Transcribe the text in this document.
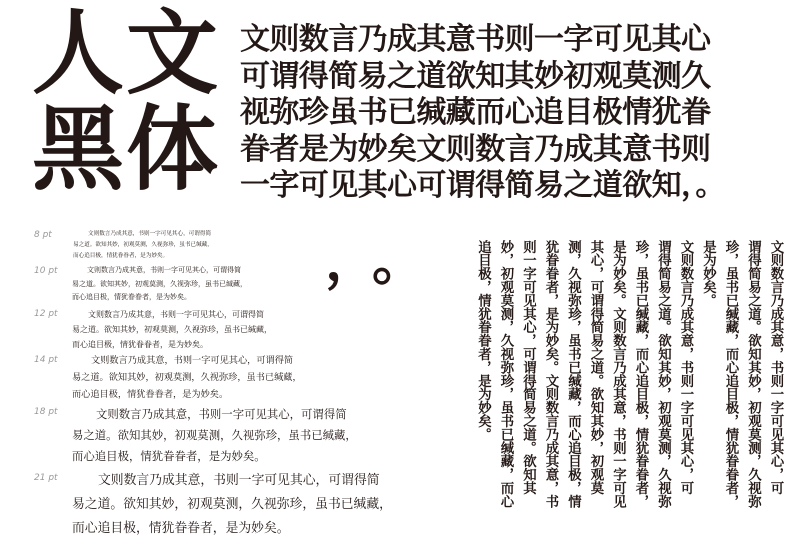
人文
黑体
文则数言乃成其意书则一字可见其心
可谓得简易之道欲知其妙初观莫测久
视弥珍虽书已缄藏而心追目极情犹眷
眷者是为妙矣文则数言乃成其意书则
一字可见其心可谓得简易之道欲知，。
，。
8 pt	文则数言乃成其意，书则一字可见其心，可谓得简
易之道。欲知其妙，初观莫测，久视弥珍，虽书已缄藏，
而心追目极，情犹眷眷者，是为妙矣。
10 pt	文则数言乃成其意，书则一字可见其心，可谓得简
易之道。欲知其妙，初观莫测，久视弥珍，虽书已缄藏，
而心追目极，情犹眷眷者，是为妙矣。
12 pt	文则数言乃成其意，书则一字可见其心，可谓得简
易之道。欲知其妙，初观莫测，久视弥珍，虽书已缄藏，
而心追目极，情犹眷眷者，是为妙矣。
14 pt	文则数言乃成其意，书则一字可见其心，可谓得简
易之道。欲知其妙，初观莫测，久视弥珍，虽书已缄藏，
而心追目极，情犹眷眷者，是为妙矣。
18 pt	文则数言乃成其意，书则一字可见其心，可谓得简
易之道。欲知其妙，初观莫测，久视弥珍，虽书已缄藏，
而心追目极，情犹眷眷者，是为妙矣。
21 pt	文则数言乃成其意，书则一字可见其心，可谓得简
易之道。欲知其妙，初观莫测，久视弥珍，虽书已缄藏，
而心追目极，情犹眷眷者，是为妙矣。
文则数言乃成其意，书则一字可见其心，可
谓得简易之道。欲知其妙，初观莫测，久视弥
珍，虽书已缄藏，而心追目极，情犹眷眷者，
是为妙矣。
文则数言乃成其意，书则一字可见其心，可
谓得简易之道。欲知其妙，初观莫测，久视弥
珍，虽书已缄藏，而心追目极，情犹眷眷者，
是为妙矣。文则数言乃成其意，书则一字可见
其心，可谓得简易之道。欲知其妙，初观莫
测，久视弥珍，虽书已缄藏，而心追目极，情
犹眷眷者，是为妙矣。文则数言乃成其意，书
则一字可见其心，可谓得简易之道。欲知其
妙，初观莫测，久视弥珍，虽书已缄藏，而心
追目极，情犹眷眷者，是为妙矣。
